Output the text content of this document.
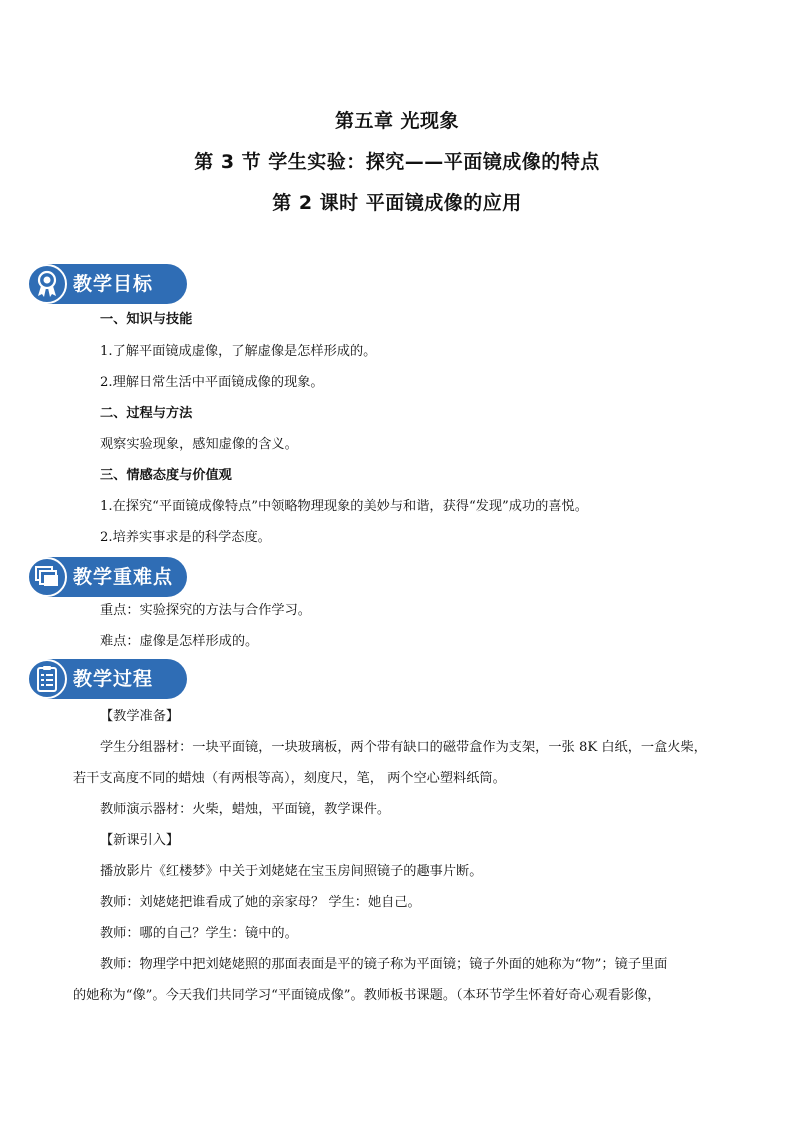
第五章 光现象
第 3 节 学生实验：探究——平面镜成像的特点
第 2 课时 平面镜成像的应用
教学目标
一、知识与技能
1.了解平面镜成虚像，了解虚像是怎样形成的。
2.理解日常生活中平面镜成像的现象。
二、过程与方法
观察实验现象，感知虚像的含义。
三、情感态度与价值观
1.在探究“平面镜成像特点”中领略物理现象的美妙与和谐，获得“发现”成功的喜悦。
2.培养实事求是的科学态度。
教学重难点
重点：实验探究的方法与合作学习。
难点：虚像是怎样形成的。
教学过程
【教学准备】
学生分组器材：一块平面镜，一块玻璃板，两个带有缺口的磁带盒作为支架，一张 8K 白纸，一盒火柴，
若干支高度不同的蜡烛（有两根等高），刻度尺，笔， 两个空心塑料纸筒。
教师演示器材：火柴，蜡烛，平面镜，教学课件。
【新课引入】
播放影片《红楼梦》中关于刘姥姥在宝玉房间照镜子的趣事片断。
教师：刘姥姥把谁看成了她的亲家母？ 学生：她自己。
教师：哪的自己？学生：镜中的。
教师：物理学中把刘姥姥照的那面表面是平的镜子称为平面镜；镜子外面的她称为“物”；镜子里面
的她称为“像”。今天我们共同学习“平面镜成像”。教师板书课题。（本环节学生怀着好奇心观看影像，
